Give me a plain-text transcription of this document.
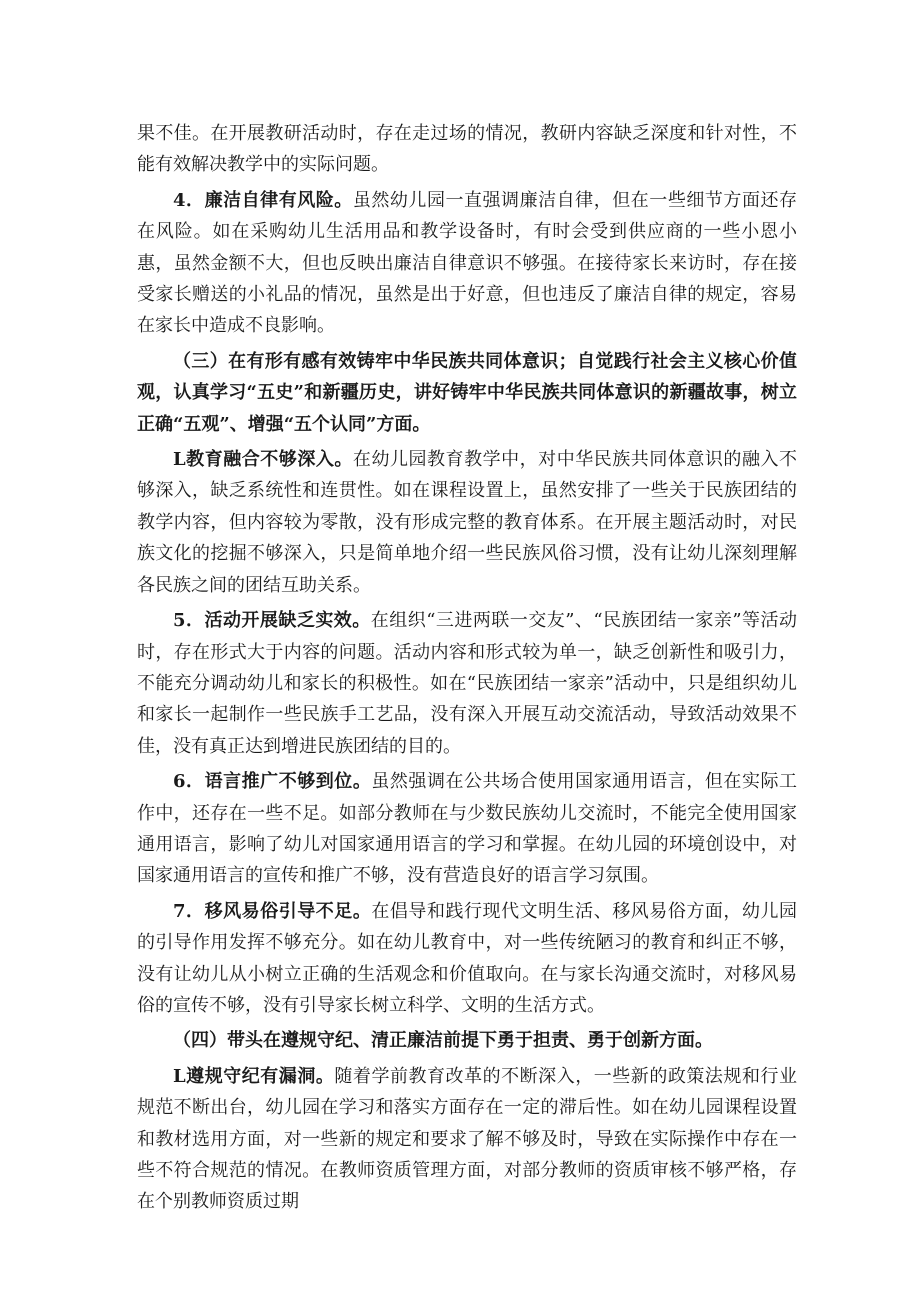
果不佳。在开展教研活动时，存在走过场的情况，教研内容缺乏深度和针对性，不能有效解决教学中的实际问题。

4．廉洁自律有风险。虽然幼儿园一直强调廉洁自律，但在一些细节方面还存在风险。如在采购幼儿生活用品和教学设备时，有时会受到供应商的一些小恩小惠，虽然金额不大，但也反映出廉洁自律意识不够强。在接待家长来访时，存在接受家长赠送的小礼品的情况，虽然是出于好意，但也违反了廉洁自律的规定，容易在家长中造成不良影响。

（三）在有形有感有效铸牢中华民族共同体意识；自觉践行社会主义核心价值观，认真学习“五史”和新疆历史，讲好铸牢中华民族共同体意识的新疆故事，树立正确“五观”、增强“五个认同”方面。

L教育融合不够深入。在幼儿园教育教学中，对中华民族共同体意识的融入不够深入，缺乏系统性和连贯性。如在课程设置上，虽然安排了一些关于民族团结的教学内容，但内容较为零散，没有形成完整的教育体系。在开展主题活动时，对民族文化的挖掘不够深入，只是简单地介绍一些民族风俗习惯，没有让幼儿深刻理解各民族之间的团结互助关系。

5．活动开展缺乏实效。在组织“三进两联一交友”、“民族团结一家亲”等活动时，存在形式大于内容的问题。活动内容和形式较为单一，缺乏创新性和吸引力，不能充分调动幼儿和家长的积极性。如在“民族团结一家亲”活动中，只是组织幼儿和家长一起制作一些民族手工艺品，没有深入开展互动交流活动，导致活动效果不佳，没有真正达到增进民族团结的目的。

6．语言推广不够到位。虽然强调在公共场合使用国家通用语言，但在实际工作中，还存在一些不足。如部分教师在与少数民族幼儿交流时，不能完全使用国家通用语言，影响了幼儿对国家通用语言的学习和掌握。在幼儿园的环境创设中，对国家通用语言的宣传和推广不够，没有营造良好的语言学习氛围。

7．移风易俗引导不足。在倡导和践行现代文明生活、移风易俗方面，幼儿园的引导作用发挥不够充分。如在幼儿教育中，对一些传统陋习的教育和纠正不够，没有让幼儿从小树立正确的生活观念和价值取向。在与家长沟通交流时，对移风易俗的宣传不够，没有引导家长树立科学、文明的生活方式。

（四）带头在遵规守纪、清正廉洁前提下勇于担责、勇于创新方面。

L遵规守纪有漏洞。随着学前教育改革的不断深入，一些新的政策法规和行业规范不断出台，幼儿园在学习和落实方面存在一定的滞后性。如在幼儿园课程设置和教材选用方面，对一些新的规定和要求了解不够及时，导致在实际操作中存在一些不符合规范的情况。在教师资质管理方面，对部分教师的资质审核不够严格，存在个别教师资质过期
